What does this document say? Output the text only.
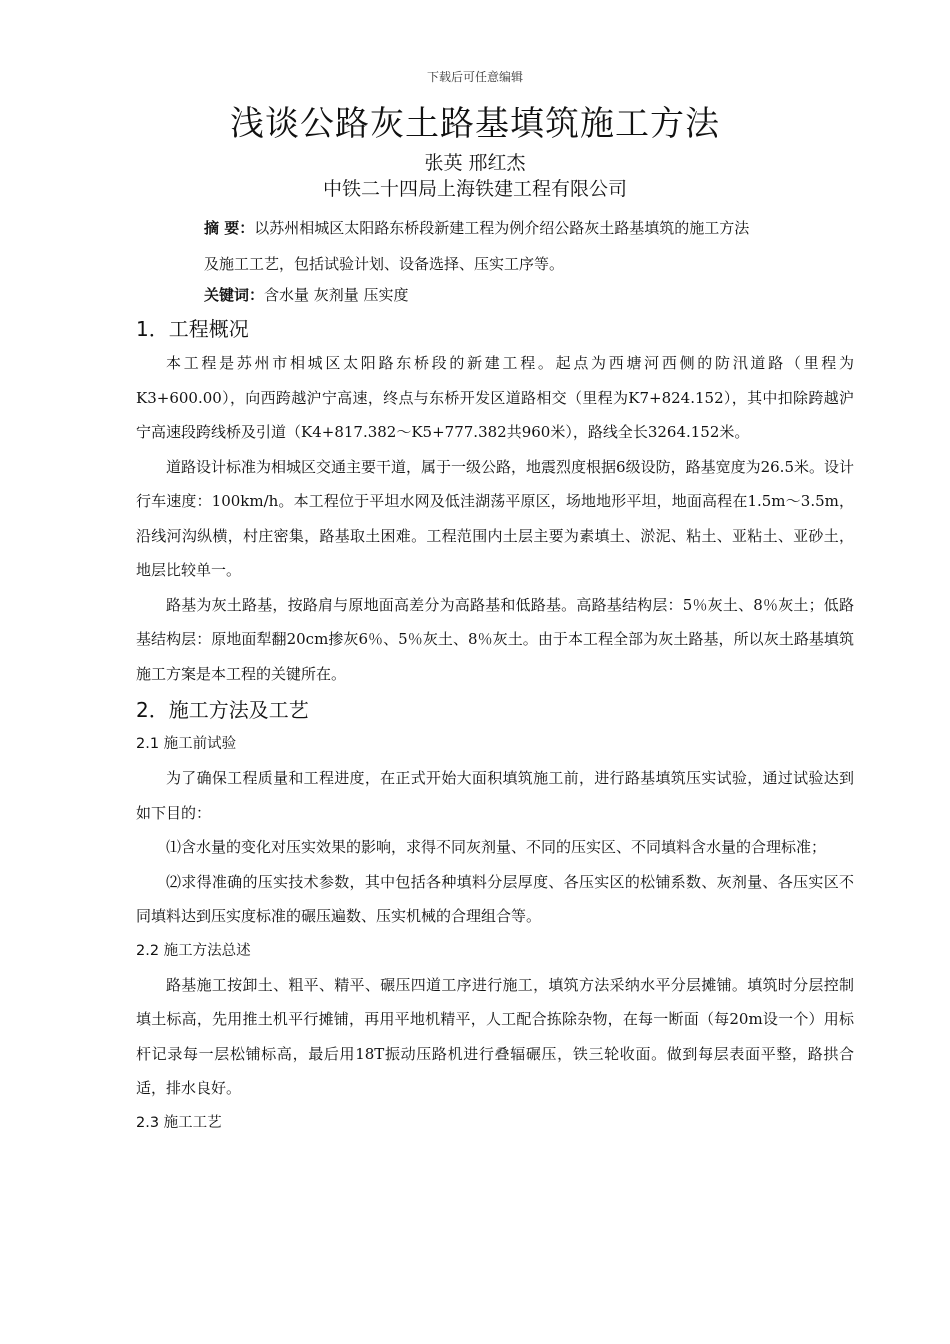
下载后可任意编辑
浅谈公路灰土路基填筑施工方法
张英 邢红杰
中铁二十四局上海铁建工程有限公司
摘 要：以苏州相城区太阳路东桥段新建工程为例介绍公路灰土路基填筑的施工方法
及施工工艺，包括试验计划、设备选择、压实工序等。
关键词：含水量 灰剂量 压实度
1．工程概况

本工程是苏州市相城区太阳路东桥段的新建工程。起点为西塘河西侧的防汛道路（里程为K3+600.00），向西跨越沪宁高速，终点与东桥开发区道路相交（里程为K7+824.152），其中扣除跨越沪宁高速段跨线桥及引道（K4+817.382～K5+777.382共960米），路线全长3264.152米。

道路设计标准为相城区交通主要干道，属于一级公路，地震烈度根据6级设防，路基宽度为26.5米。设计行车速度：100km/h。本工程位于平坦水网及低洼湖荡平原区，场地地形平坦，地面高程在1.5m～3.5m，沿线河沟纵横，村庄密集，路基取土困难。工程范围内土层主要为素填土、淤泥、粘土、亚粘土、亚砂土，地层比较单一。

路基为灰土路基，按路肩与原地面高差分为高路基和低路基。高路基结构层：5％灰土、8％灰土；低路基结构层：原地面犁翻20cm掺灰6％、5％灰土、8％灰土。由于本工程全部为灰土路基，所以灰土路基填筑施工方案是本工程的关键所在。

2．施工方法及工艺
2.1 施工前试验

为了确保工程质量和工程进度，在正式开始大面积填筑施工前，进行路基填筑压实试验，通过试验达到如下目的：

⑴含水量的变化对压实效果的影响，求得不同灰剂量、不同的压实区、不同填料含水量的合理标准；

⑵求得准确的压实技术参数，其中包括各种填料分层厚度、各压实区的松铺系数、灰剂量、各压实区不同填料达到压实度标准的碾压遍数、压实机械的合理组合等。

2.2 施工方法总述

路基施工按卸土、粗平、精平、碾压四道工序进行施工，填筑方法采纳水平分层摊铺。填筑时分层控制填土标高，先用推土机平行摊铺，再用平地机精平，人工配合拣除杂物，在每一断面（每20m设一个）用标杆记录每一层松铺标高，最后用18T振动压路机进行叠辐碾压，铁三轮收面。做到每层表面平整，路拱合适，排水良好。

2.3 施工工艺
